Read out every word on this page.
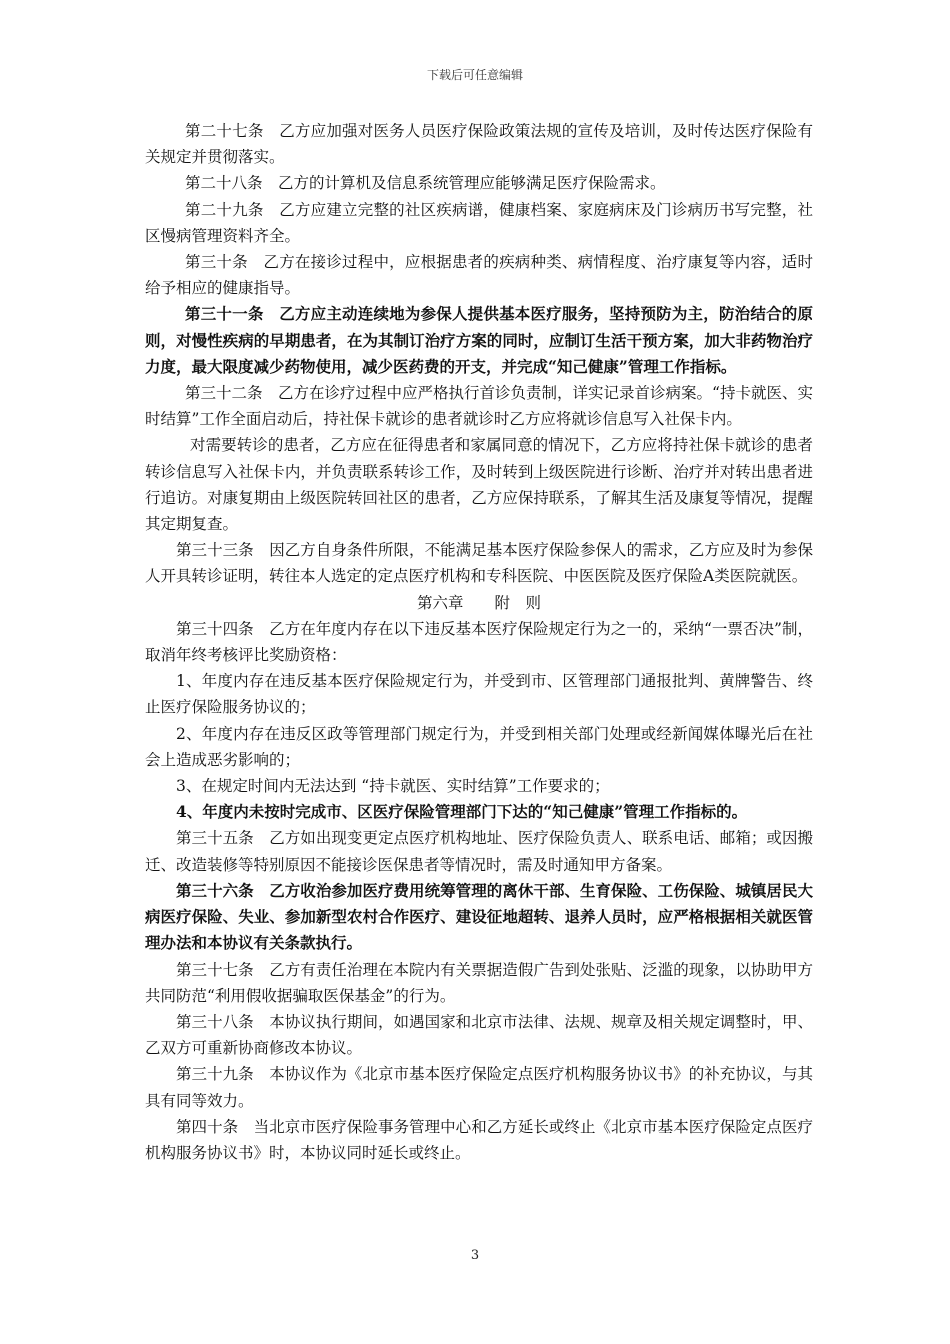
下载后可任意编辑

第二十七条　乙方应加强对医务人员医疗保险政策法规的宣传及培训，及时传达医疗保险有关规定并贯彻落实。

第二十八条　乙方的计算机及信息系统管理应能够满足医疗保险需求。

第二十九条　乙方应建立完整的社区疾病谱，健康档案、家庭病床及门诊病历书写完整，社区慢病管理资料齐全。

第三十条　乙方在接诊过程中，应根据患者的疾病种类、病情程度、治疗康复等内容，适时给予相应的健康指导。

第三十一条　乙方应主动连续地为参保人提供基本医疗服务，坚持预防为主，防治结合的原则，对慢性疾病的早期患者，在为其制订治疗方案的同时，应制订生活干预方案，加大非药物治疗力度，最大限度减少药物使用，减少医药费的开支，并完成“知己健康”管理工作指标。

第三十二条　乙方在诊疗过程中应严格执行首诊负责制，详实记录首诊病案。“持卡就医、实时结算”工作全面启动后，持社保卡就诊的患者就诊时乙方应将就诊信息写入社保卡内。

对需要转诊的患者，乙方应在征得患者和家属同意的情况下，乙方应将持社保卡就诊的患者转诊信息写入社保卡内，并负责联系转诊工作，及时转到上级医院进行诊断、治疗并对转出患者进行追访。对康复期由上级医院转回社区的患者，乙方应保持联系，了解其生活及康复等情况，提醒其定期复查。

第三十三条　因乙方自身条件所限，不能满足基本医疗保险参保人的需求，乙方应及时为参保人开具转诊证明，转往本人选定的定点医疗机构和专科医院、中医医院及医疗保险A类医院就医。

第六章　　附　则

第三十四条　乙方在年度内存在以下违反基本医疗保险规定行为之一的，采纳“一票否决”制，取消年终考核评比奖励资格：

1、年度内存在违反基本医疗保险规定行为，并受到市、区管理部门通报批判、黄牌警告、终止医疗保险服务协议的；

2、年度内存在违反区政等管理部门规定行为，并受到相关部门处理或经新闻媒体曝光后在社会上造成恶劣影响的；

3、在规定时间内无法达到 “持卡就医、实时结算”工作要求的；

4、年度内未按时完成市、区医疗保险管理部门下达的“知己健康”管理工作指标的。

第三十五条　乙方如出现变更定点医疗机构地址、医疗保险负责人、联系电话、邮箱；或因搬迁、改造装修等特别原因不能接诊医保患者等情况时，需及时通知甲方备案。

第三十六条　乙方收治参加医疗费用统筹管理的离休干部、生育保险、工伤保险、城镇居民大病医疗保险、失业、参加新型农村合作医疗、建设征地超转、退养人员时，应严格根据相关就医管理办法和本协议有关条款执行。

第三十七条　乙方有责任治理在本院内有关票据造假广告到处张贴、泛滥的现象，以协助甲方共同防范“利用假收据骗取医保基金”的行为。

第三十八条　本协议执行期间，如遇国家和北京市法律、法规、规章及相关规定调整时，甲、乙双方可重新协商修改本协议。

第三十九条　本协议作为《北京市基本医疗保险定点医疗机构服务协议书》的补充协议，与其具有同等效力。

第四十条　当北京市医疗保险事务管理中心和乙方延长或终止《北京市基本医疗保险定点医疗机构服务协议书》时，本协议同时延长或终止。

3
